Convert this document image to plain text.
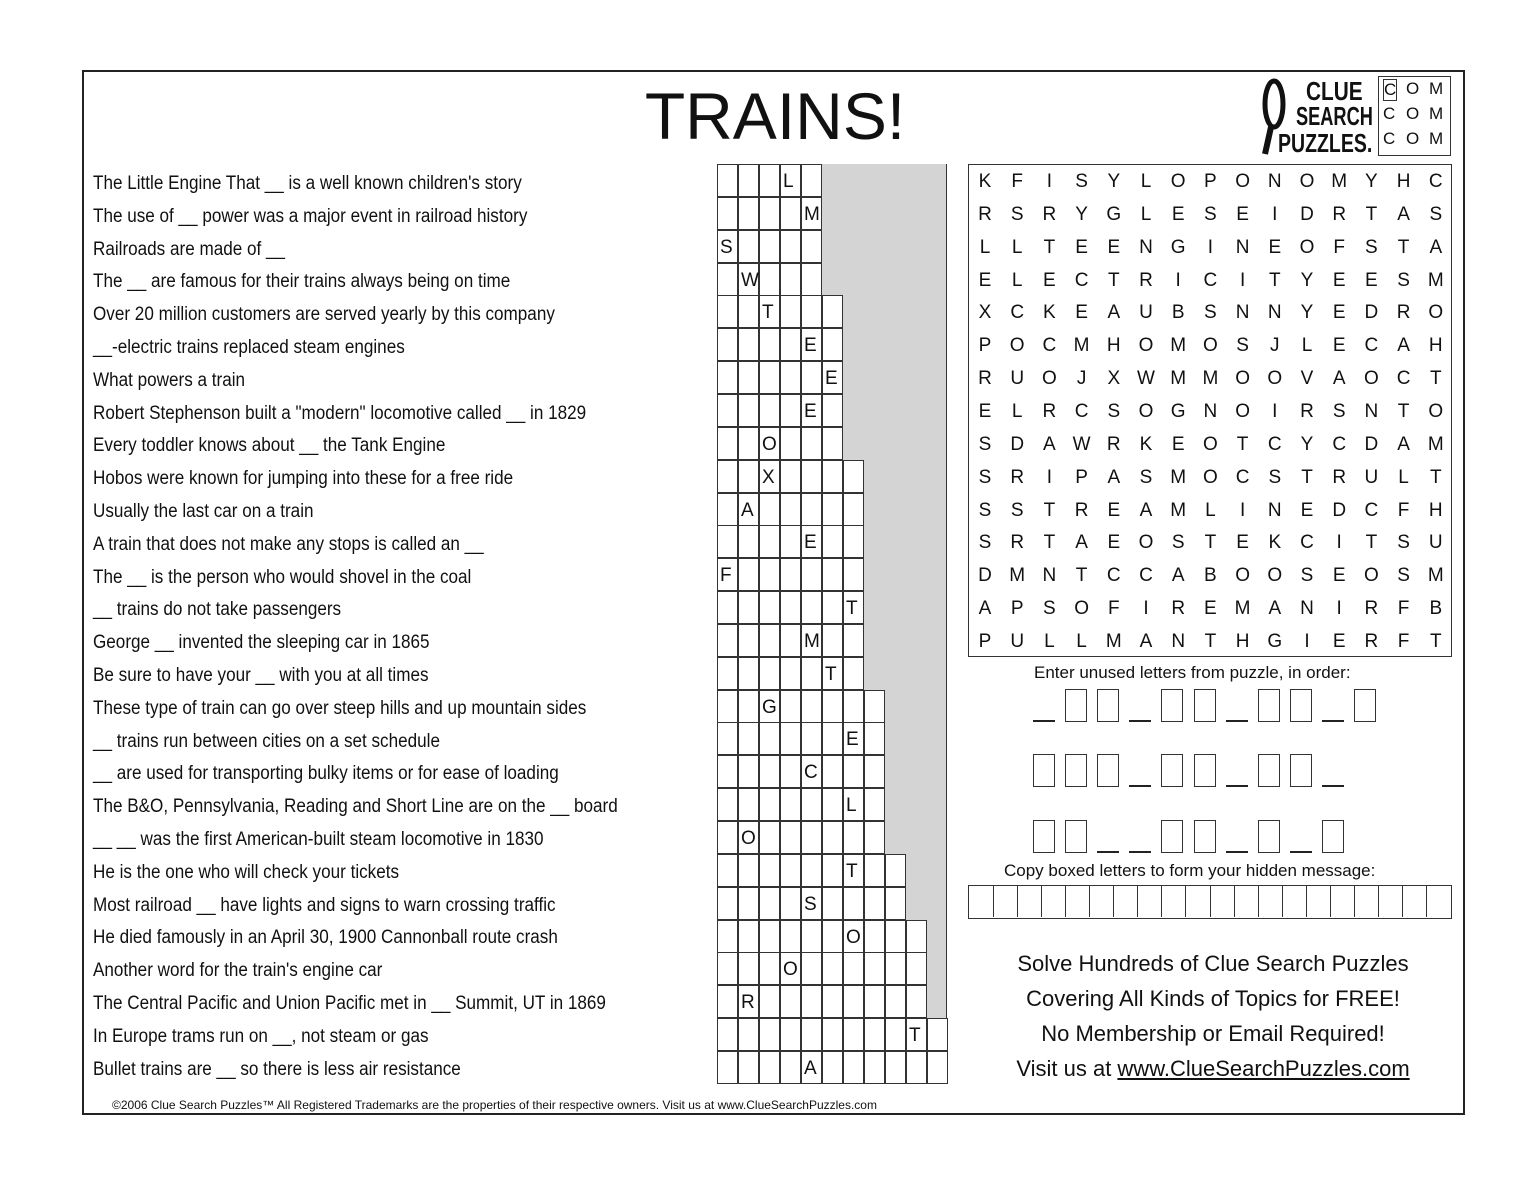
TRAINS!	CLUE
SEARCH
PUZZLES.
C O M
C O M
C O M
The Little Engine That __ is a well known children's story
The use of __ power was a major event in railroad history
Railroads are made of __
The __ are famous for their trains always being on time
Over 20 million customers are served yearly by this company
__-electric trains replaced steam engines
What powers a train
Robert Stephenson built a "modern" locomotive called __ in 1829
Every toddler knows about __ the Tank Engine
Hobos were known for jumping into these for a free ride
Usually the last car on a train
A train that does not make any stops is called an __
The __ is the person who would shovel in the coal
__ trains do not take passengers
George __ invented the sleeping car in 1865
Be sure to have your __ with you at all times
These type of train can go over steep hills and up mountain sides
__ trains run between cities on a set schedule
__ are used for transporting bulky items or for ease of loading
The B&O, Pennsylvania, Reading and Short Line are on the __ board
__ __ was the first American-built steam locomotive in 1830
He is the one who will check your tickets
Most railroad __ have lights and signs to warn crossing traffic
He died famously in an April 30, 1900 Cannonball route crash
Another word for the train's engine car
The Central Pacific and Union Pacific met in __ Summit, UT in 1869
In Europe trams run on __, not steam or gas
Bullet trains are __ so there is less air resistance
L
M
S
W
T
E
E
E
O
X
A
E
F
T
M
T
G
E
C
L
O
T
S
O
O
R
T
A
K F	I	S Y L O P O N O M Y H C
R S R Y G L E S E	I	D R T A S
L L T E E N G	I	N E O F S T A
E L E C T R	I	C	I	T Y E E S M
X C K E A U B S N N Y E D R O
P O C M H O M O S J L E C A H
R U O J X W M M O O V A O C T
E L R C S O G N O	I	R S N T O
S D A W R K E O T C Y C D A M
S R	I	P A S M O C S T R U L T
S S T R E A M L	I	N E D C F H
S R T A E O S T E K C	I	T S U
D M N T C C A B O O S E O S M
A P S O F	I	R E M A N	I	R F B
P U L L M A N T H G	I	E R F T
Enter unused letters from puzzle, in order:
Copy boxed letters to form your hidden message:
Solve Hundreds of Clue Search Puzzles
Covering All Kinds of Topics for FREE!
No Membership or Email Required!
Visit us at www.ClueSearchPuzzles.com
©2006 Clue Search Puzzles™ All Registered Trademarks are the properties of their respective owners. Visit us at www.ClueSearchPuzzles.com
